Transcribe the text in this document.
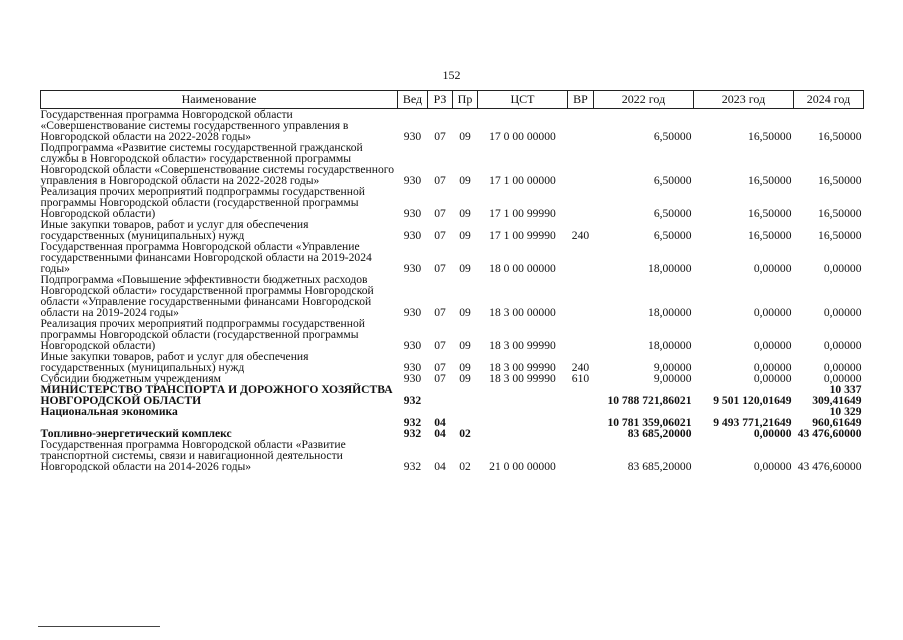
152
Наименование	Вед	РЗ	Пр	ЦСТ	ВР	2022 год	2023 год	2024 год
Государственная программа Новгородской области «Совершенствование системы государственного управления в Новгородской области на 2022-2028 годы»	930	07	09	17 0 00 00000		6,50000	16,50000	16,50000
Подпрограмма «Развитие системы государственной гражданской службы в Новгородской области» государственной программы Новгородской области «Совершенствование системы государственного управления в Новгородской области на 2022-2028 годы»	930	07	09	17 1 00 00000		6,50000	16,50000	16,50000
Реализация прочих мероприятий подпрограммы государственной программы Новгородской области (государственной программы Новгородской области)	930	07	09	17 1 00 99990		6,50000	16,50000	16,50000
Иные закупки товаров, работ и услуг для обеспечения государственных (муниципальных) нужд	930	07	09	17 1 00 99990	240	6,50000	16,50000	16,50000
Государственная программа Новгородской области «Управление государственными финансами Новгородской области на 2019-2024 годы»	930	07	09	18 0 00 00000		18,00000	0,00000	0,00000
Подпрограмма «Повышение эффективности бюджетных расходов Новгородской области» государственной программы Новгородской области «Управление государственными финансами Новгородской области на 2019-2024 годы»	930	07	09	18 3 00 00000		18,00000	0,00000	0,00000
Реализация прочих мероприятий подпрограммы государственной программы Новгородской области (государственной программы Новгородской области)	930	07	09	18 3 00 99990		18,00000	0,00000	0,00000
Иные закупки товаров, работ и услуг для обеспечения государственных (муниципальных) нужд	930	07	09	18 3 00 99990	240	9,00000	0,00000	0,00000
Субсидии бюджетным учреждениям	930	07	09	18 3 00 99990	610	9,00000	0,00000	0,00000
МИНИСТЕРСТВО ТРАНСПОРТА И ДОРОЖНОГО ХОЗЯЙСТВА НОВГОРОДСКОЙ ОБЛАСТИ	932					10 788 721,86021	9 501 120,01649	10 337 309,41649
Национальная экономика	932	04				10 781 359,06021	9 493 771,21649	10 329 960,61649
Топливно-энергетический комплекс	932	04	02			83 685,20000	0,00000	43 476,60000
Государственная программа Новгородской области «Развитие транспортной системы, связи и навигационной деятельности Новгородской области на 2014-2026 годы»	932	04	02	21 0 00 00000		83 685,20000	0,00000	43 476,60000
